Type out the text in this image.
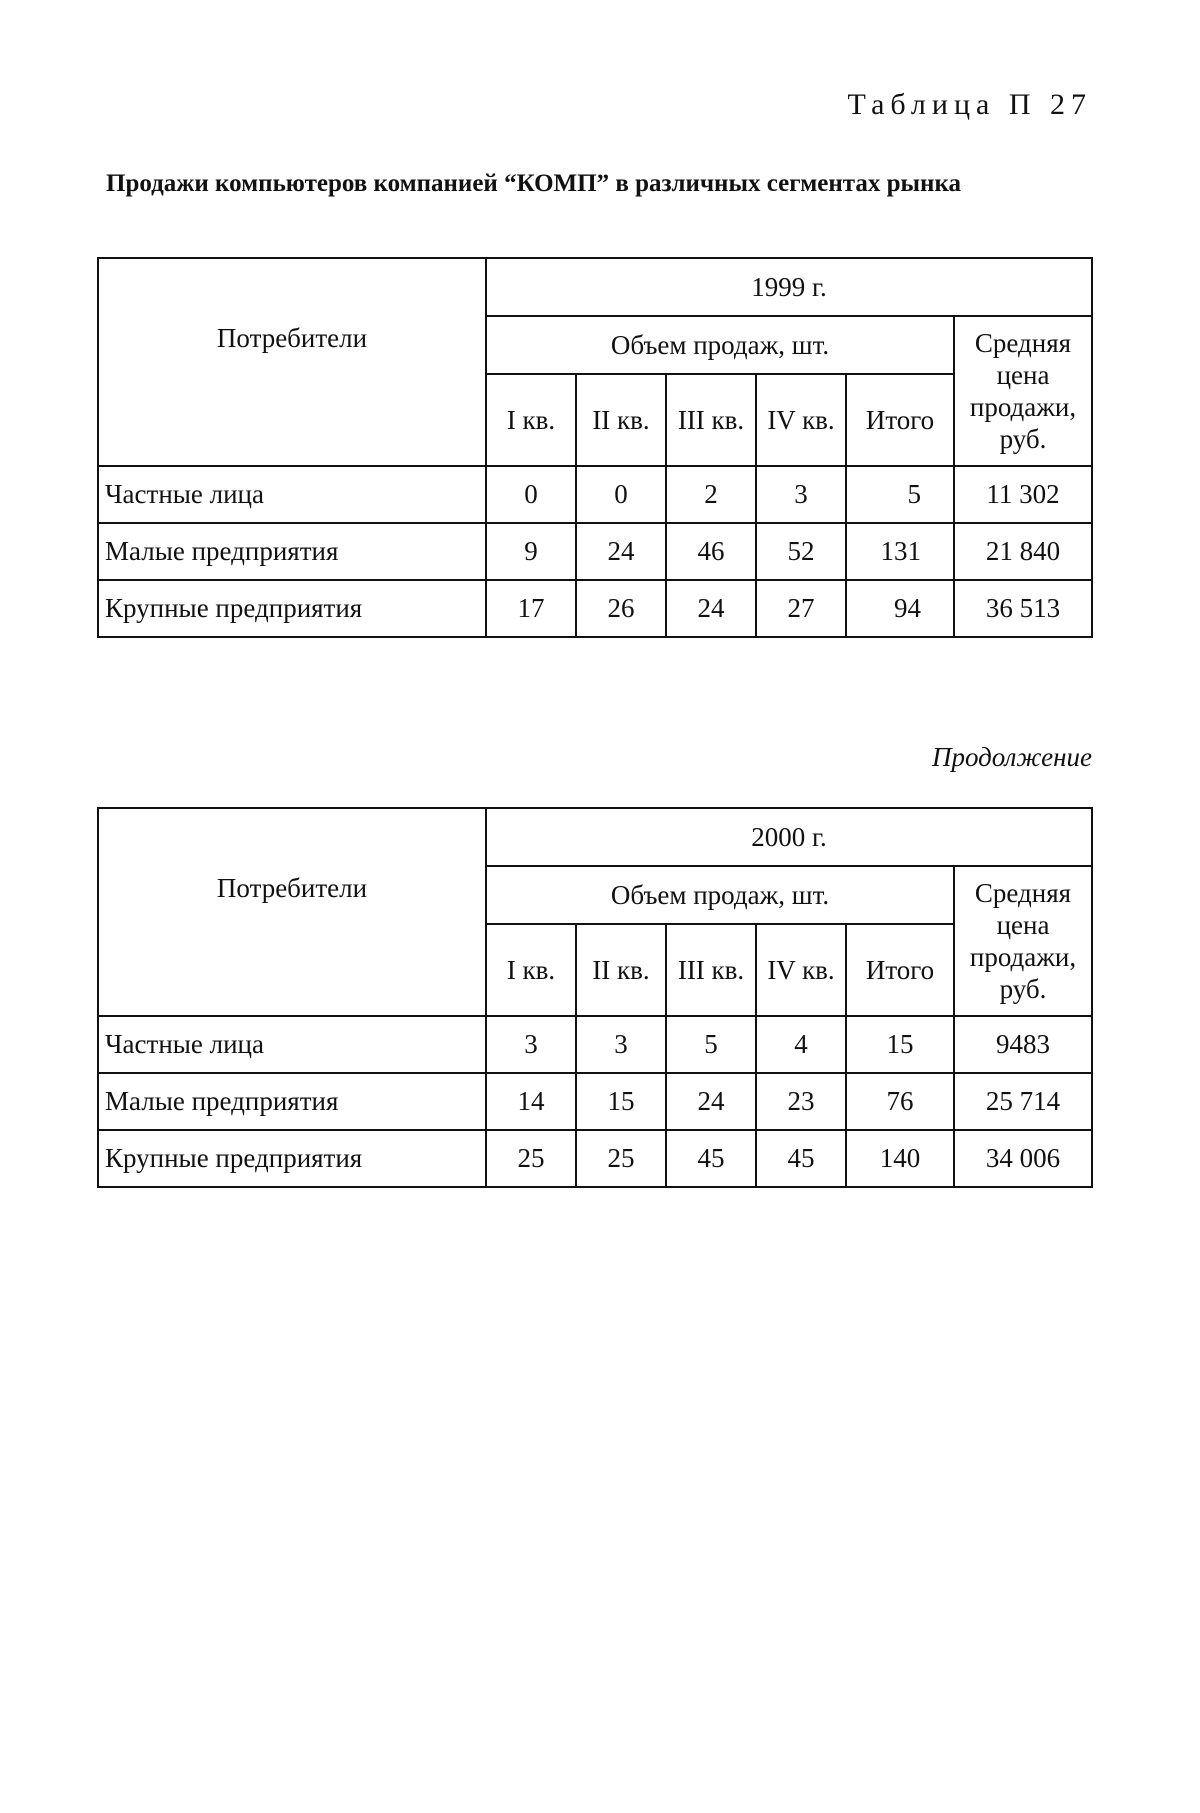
Таблица П 27
Продажи компьютеров компанией “КОМП” в различных сегментах рынка
Потребители	1999 г.					
	Объем продаж, шт.					Средняя цена продажи, руб.
	I кв.	II кв.	III кв.	IV кв.	Итого	
Частные лица	0	0	2	3	5	11 302
Малые предприятия	9	24	46	52	131	21 840
Крупные предприятия	17	26	24	27	94	36 513
Продолжение
Потребители	2000 г.					
	Объем продаж, шт.					Средняя цена продажи, руб.
	I кв.	II кв.	III кв.	IV кв.	Итого	
Частные лица	3	3	5	4	15	9483
Малые предприятия	14	15	24	23	76	25 714
Крупные предприятия	25	25	45	45	140	34 006
